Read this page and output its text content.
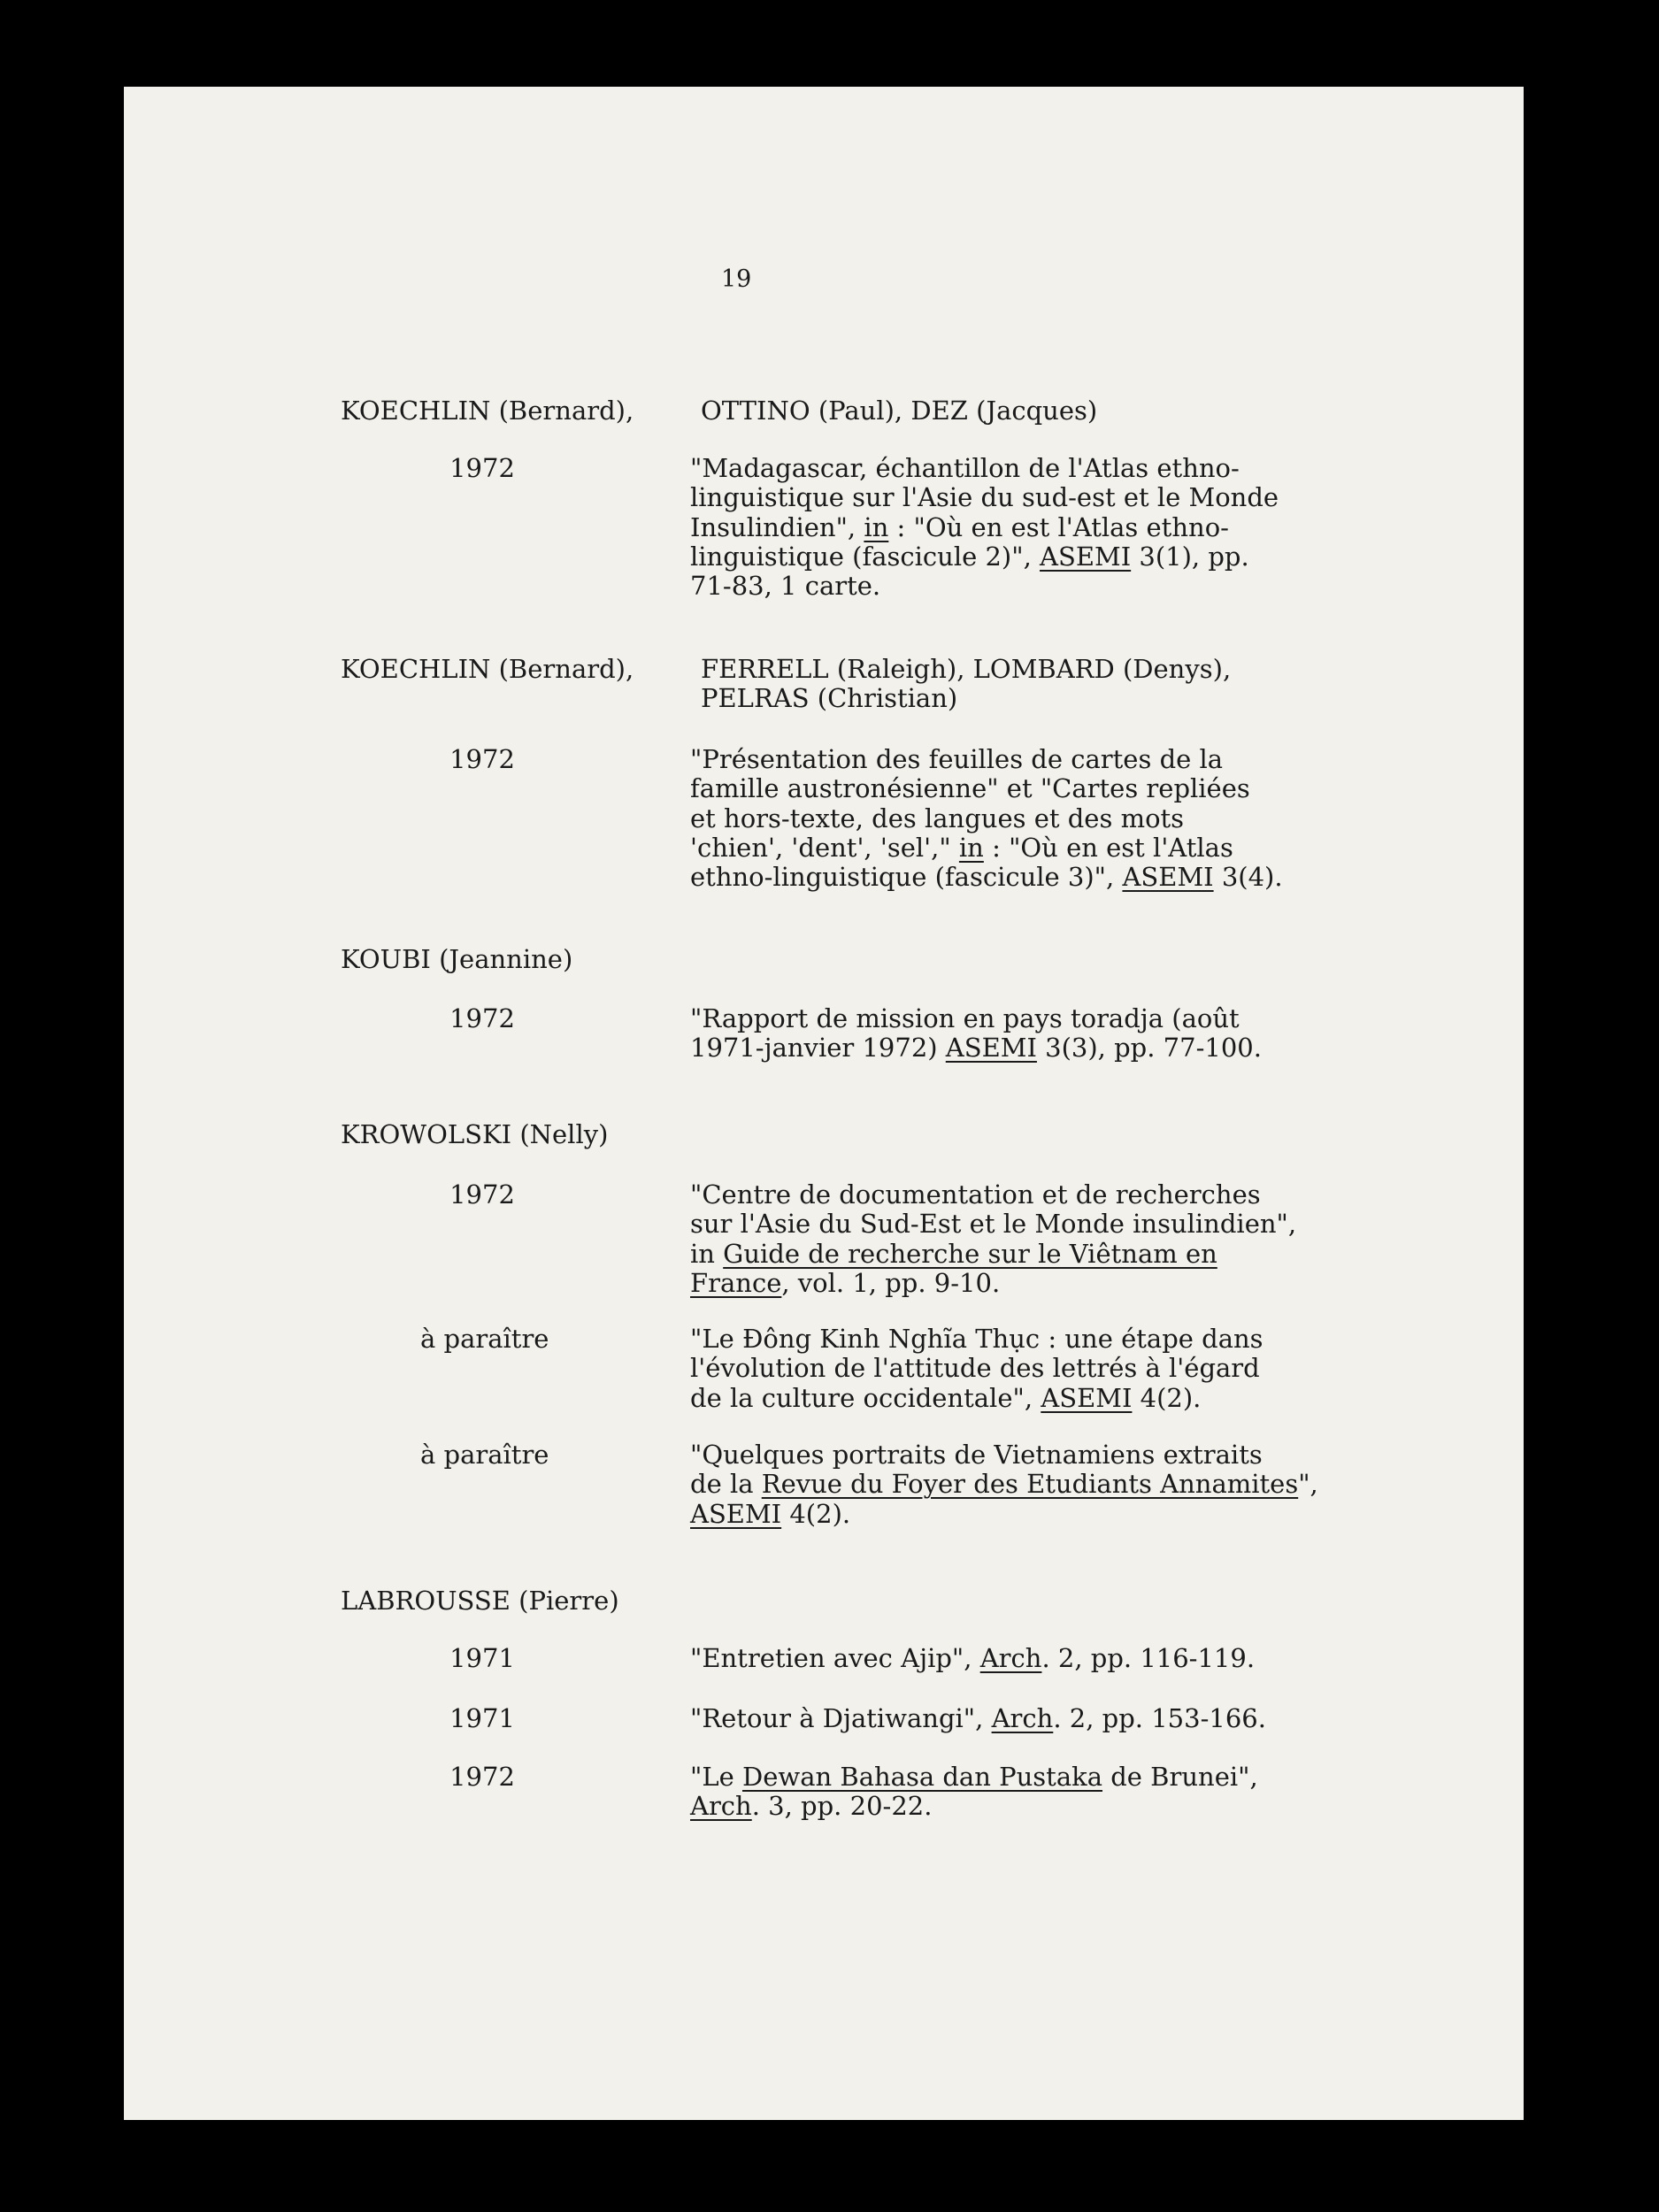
19
KOECHLIN (Bernard),	OTTINO (Paul), DEZ (Jacques)
1972	"Madagascar, échantillon de l'Atlas ethno-
linguistique sur l'Asie du sud-est et le Monde
Insulindien", in : "Où en est l'Atlas ethno-
linguistique (fascicule 2)", ASEMI 3(1), pp.
71-83, 1 carte.
KOECHLIN (Bernard),	FERRELL (Raleigh), LOMBARD (Denys),
PELRAS (Christian)
1972	"Présentation des feuilles de cartes de la
famille austronésienne" et "Cartes repliées
et hors-texte, des langues et des mots
'chien', 'dent', 'sel'," in : "Où en est l'Atlas
ethno-linguistique (fascicule 3)", ASEMI 3(4).
KOUBI (Jeannine)
1972	"Rapport de mission en pays toradja (août
1971-janvier 1972) ASEMI 3(3), pp. 77-100.
KROWOLSKI (Nelly)
1972	"Centre de documentation et de recherches
sur l'Asie du Sud-Est et le Monde insulindien",
in Guide de recherche sur le Viêtnam en
France, vol. 1, pp. 9-10.
à paraître	"Le Đông Kinh Nghĩa Thục : une étape dans
l'évolution de l'attitude des lettrés à l'égard
de la culture occidentale", ASEMI 4(2).
à paraître	"Quelques portraits de Vietnamiens extraits
de la Revue du Foyer des Etudiants Annamites",
ASEMI 4(2).
LABROUSSE (Pierre)
1971	"Entretien avec Ajip", Arch. 2, pp. 116-119.
1971	"Retour à Djatiwangi", Arch. 2, pp. 153-166.
1972	"Le Dewan Bahasa dan Pustaka de Brunei",
Arch. 3, pp. 20-22.
